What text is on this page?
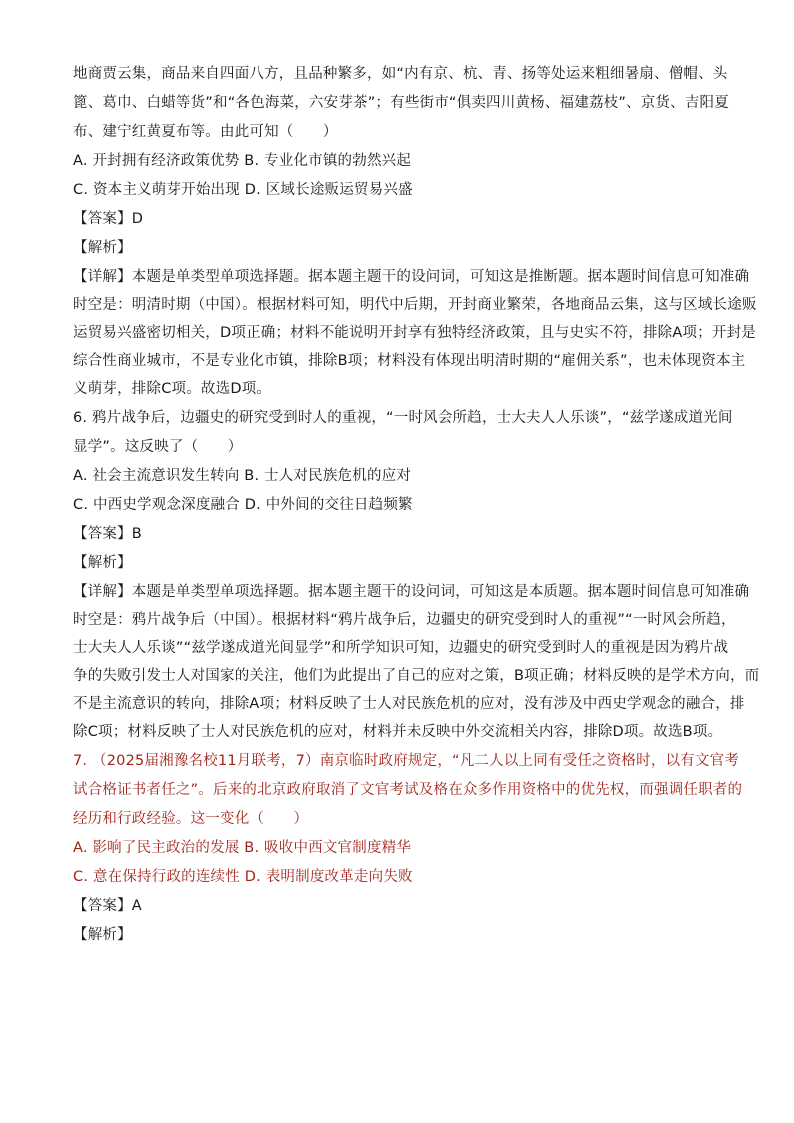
地商贾云集，商品来自四面八方，且品种繁多，如“内有京、杭、青、扬等处运来粗细暑扇、僧帽、头
篦、葛巾、白蜡等货”和“各色海菜，六安芽茶”；有些街市“俱卖四川黄杨、福建荔枝”、京货、吉阳夏
布、建宁红黄夏布等。由此可知（　　）
A. 开封拥有经济政策优势 B. 专业化市镇的勃然兴起
C. 资本主义萌芽开始出现 D. 区域长途贩运贸易兴盛
【答案】D
【解析】
【详解】本题是单类型单项选择题。据本题主题干的设问词，可知这是推断题。据本题时间信息可知准确
时空是：明清时期（中国）。根据材料可知，明代中后期，开封商业繁荣，各地商品云集，这与区域长途贩
运贸易兴盛密切相关，D项正确；材料不能说明开封享有独特经济政策，且与史实不符，排除A项；开封是
综合性商业城市，不是专业化市镇，排除B项；材料没有体现出明清时期的“雇佣关系”，也未体现资本主
义萌芽，排除C项。故选D项。
6. 鸦片战争后，边疆史的研究受到时人的重视，“一时风会所趋，士大夫人人乐谈”，“兹学遂成道光间
显学”。这反映了（　　）
A. 社会主流意识发生转向 B. 士人对民族危机的应对
C. 中西史学观念深度融合 D. 中外间的交往日趋频繁
【答案】B
【解析】
【详解】本题是单类型单项选择题。据本题主题干的设问词，可知这是本质题。据本题时间信息可知准确
时空是：鸦片战争后（中国）。根据材料“鸦片战争后，边疆史的研究受到时人的重视”“一时风会所趋，
士大夫人人乐谈”“兹学遂成道光间显学”和所学知识可知，边疆史的研究受到时人的重视是因为鸦片战
争的失败引发士人对国家的关注，他们为此提出了自己的应对之策，B项正确；材料反映的是学术方向，而
不是主流意识的转向，排除A项；材料反映了士人对民族危机的应对，没有涉及中西史学观念的融合，排
除C项；材料反映了士人对民族危机的应对，材料并未反映中外交流相关内容，排除D项。故选B项。
7. （2025届湘豫名校11月联考，7）南京临时政府规定，“凡二人以上同有受任之资格时，以有文官考
试合格证书者任之”。后来的北京政府取消了文官考试及格在众多作用资格中的优先权，而强调任职者的
经历和行政经验。这一变化（　　）
A. 影响了民主政治的发展 B. 吸收中西文官制度精华
C. 意在保持行政的连续性 D. 表明制度改革走向失败
【答案】A
【解析】
